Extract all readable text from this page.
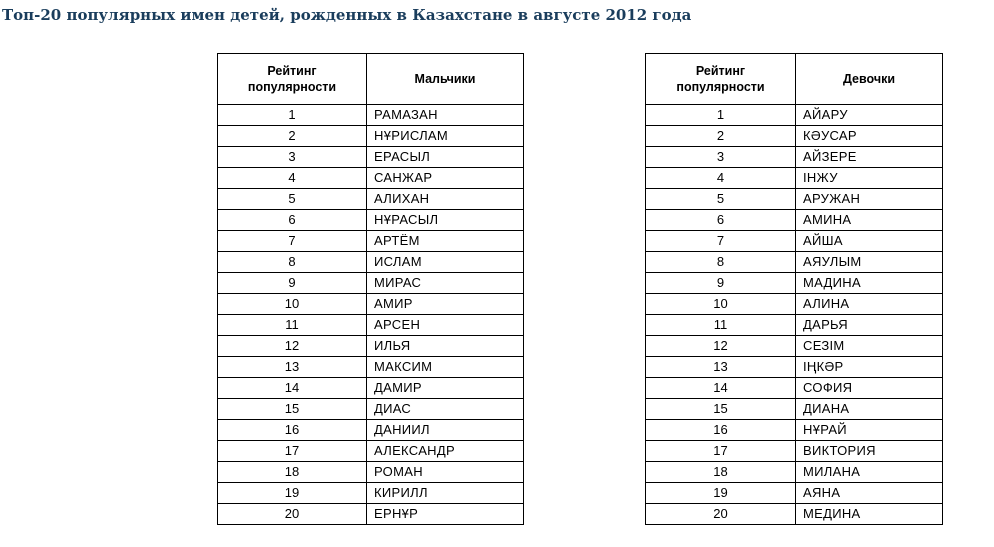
Топ-20 популярных имен детей, рожденных в Казахстане в августе 2012 года
Рейтинг
популярности	Мальчики
1	РАМАЗАН
2	НҰРИСЛАМ
3	ЕРАСЫЛ
4	САНЖАР
5	АЛИХАН
6	НҰРАСЫЛ
7	АРТЁМ
8	ИСЛАМ
9	МИРАС
10	АМИР
11	АРСЕН
12	ИЛЬЯ
13	МАКСИМ
14	ДАМИР
15	ДИАС
16	ДАНИИЛ
17	АЛЕКСАНДР
18	РОМАН
19	КИРИЛЛ
20	ЕРНҰР
Рейтинг
популярности	Девочки
1	АЙАРУ
2	КӘУСАР
3	АЙЗЕРЕ
4	ІНЖУ
5	АРУЖАН
6	АМИНА
7	АЙША
8	АЯУЛЫМ
9	МАДИНА
10	АЛИНА
11	ДАРЬЯ
12	СЕЗІМ
13	ІҢКӘР
14	СОФИЯ
15	ДИАНА
16	НҰРАЙ
17	ВИКТОРИЯ
18	МИЛАНА
19	АЯНА
20	МЕДИНА
